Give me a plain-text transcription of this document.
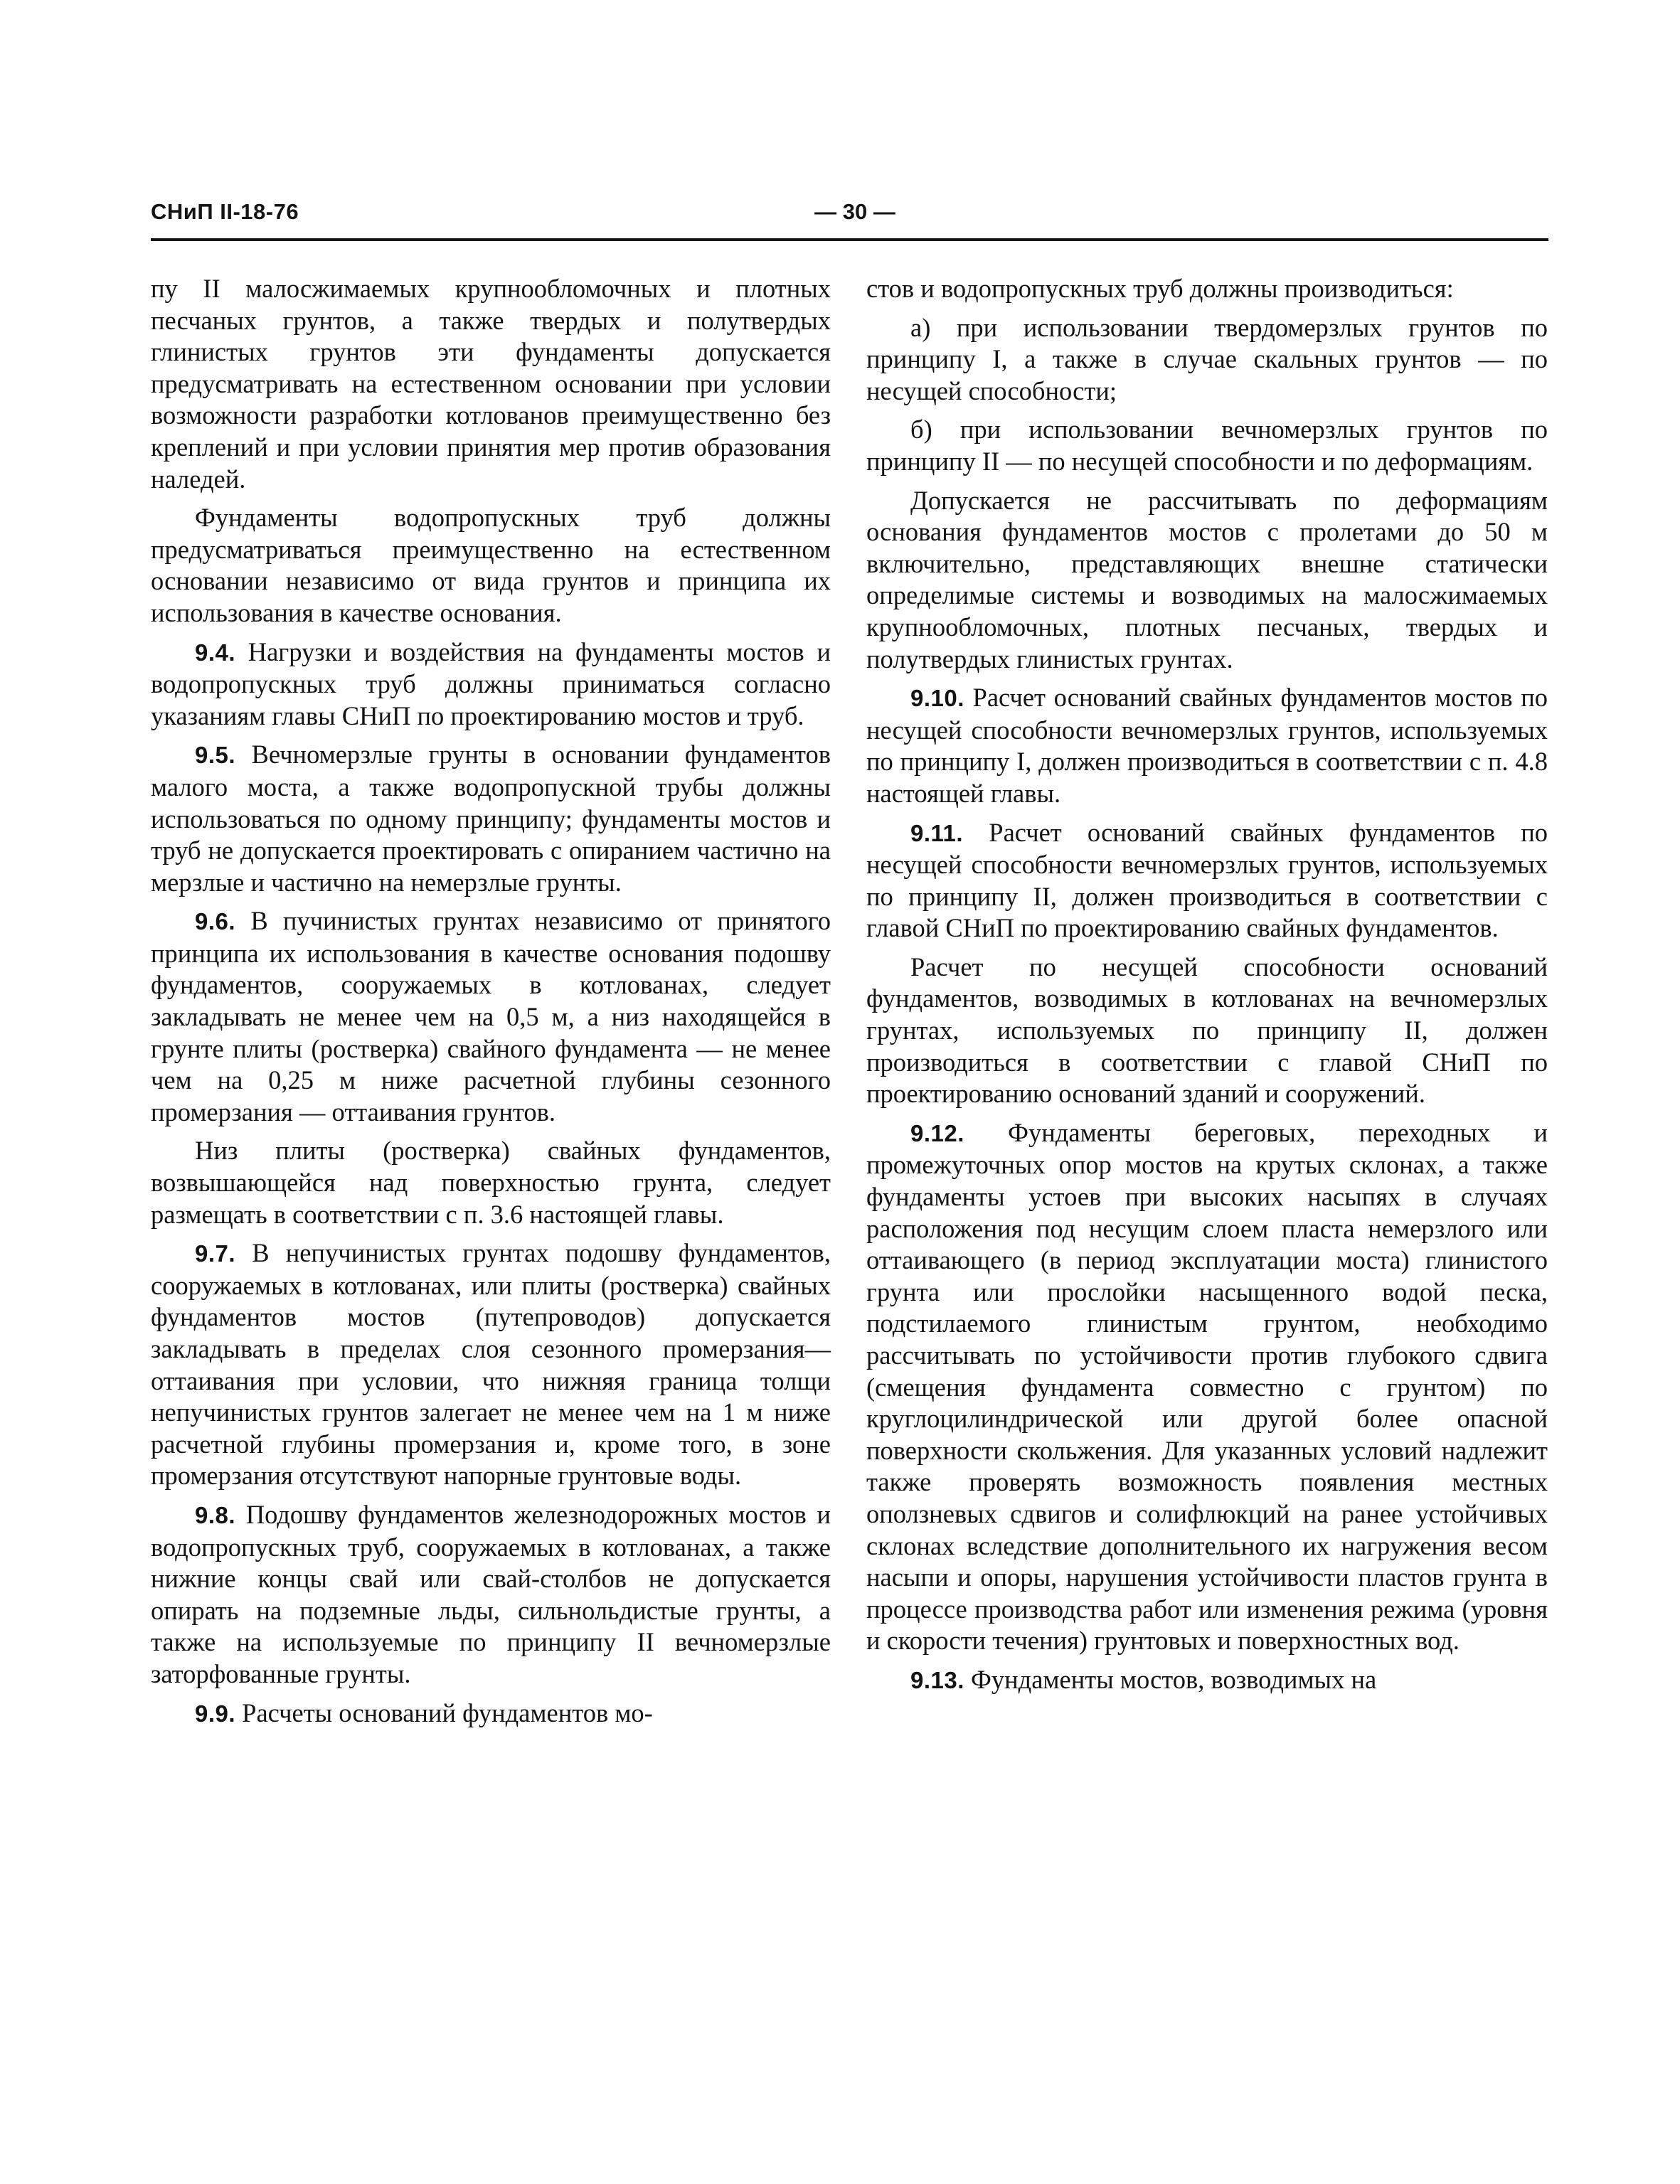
СНиП II-18-76	— 30 —

пу II малосжимаемых крупнообломочных и плотных песчаных грунтов, а также твердых и полутвердых глинистых грунтов эти фундаменты допускается предусматривать на естественном основании при условии возможности разработки котлованов преимущественно без креплений и при условии принятия мер против образования наледей.

Фундаменты водопропускных труб должны предусматриваться преимущественно на естественном основании независимо от вида грунтов и принципа их использования в качестве основания.

9.4. Нагрузки и воздействия на фундаменты мостов и водопропускных труб должны приниматься согласно указаниям главы СНиП по проектированию мостов и труб.

9.5. Вечномерзлые грунты в основании фундаментов малого моста, а также водопропускной трубы должны использоваться по одному принципу; фундаменты мостов и труб не допускается проектировать с опиранием частично на мерзлые и частично на немерзлые грунты.

9.6. В пучинистых грунтах независимо от принятого принципа их использования в качестве основания подошву фундаментов, сооружаемых в котлованах, следует закладывать не менее чем на 0,5 м, а низ находящейся в грунте плиты (ростверка) свайного фундамента — не менее чем на 0,25 м ниже расчетной глубины сезонного промерзания — оттаивания грунтов.

Низ плиты (ростверка) свайных фундаментов, возвышающейся над поверхностью грунта, следует размещать в соответствии с п. 3.6 настоящей главы.

9.7. В непучинистых грунтах подошву фундаментов, сооружаемых в котлованах, или плиты (ростверка) свайных фундаментов мостов (путепроводов) допускается закладывать в пределах слоя сезонного промерзания—оттаивания при условии, что нижняя граница толщи непучинистых грунтов залегает не менее чем на 1 м ниже расчетной глубины промерзания и, кроме того, в зоне промерзания отсутствуют напорные грунтовые воды.

9.8. Подошву фундаментов железнодорожных мостов и водопропускных труб, сооружаемых в котлованах, а также нижние концы свай или свай-столбов не допускается опирать на подземные льды, сильнольдистые грунты, а также на используемые по принципу II вечномерзлые заторфованные грунты.

9.9. Расчеты оснований фундаментов мо-

стов и водопропускных труб должны производиться:

а) при использовании твердомерзлых грунтов по принципу I, а также в случае скальных грунтов — по несущей способности;

б) при использовании вечномерзлых грунтов по принципу II — по несущей способности и по деформациям.

Допускается не рассчитывать по деформациям основания фундаментов мостов с пролетами до 50 м включительно, представляющих внешне статически определимые системы и возводимых на малосжимаемых крупнообломочных, плотных песчаных, твердых и полутвердых глинистых грунтах.

9.10. Расчет оснований свайных фундаментов мостов по несущей способности вечномерзлых грунтов, используемых по принципу I, должен производиться в соответствии с п. 4.8 настоящей главы.

9.11. Расчет оснований свайных фундаментов по несущей способности вечномерзлых грунтов, используемых по принципу II, должен производиться в соответствии с главой СНиП по проектированию свайных фундаментов.

Расчет по несущей способности оснований фундаментов, возводимых в котлованах на вечномерзлых грунтах, используемых по принципу II, должен производиться в соответствии с главой СНиП по проектированию оснований зданий и сооружений.

9.12. Фундаменты береговых, переходных и промежуточных опор мостов на крутых склонах, а также фундаменты устоев при высоких насыпях в случаях расположения под несущим слоем пласта немерзлого или оттаивающего (в период эксплуатации моста) глинистого грунта или прослойки насыщенного водой песка, подстилаемого глинистым грунтом, необходимо рассчитывать по устойчивости против глубокого сдвига (смещения фундамента совместно с грунтом) по круглоцилиндрической или другой более опасной поверхности скольжения. Для указанных условий надлежит также проверять возможность появления местных оползневых сдвигов и солифлюкций на ранее устойчивых склонах вследствие дополнительного их нагружения весом насыпи и опоры, нарушения устойчивости пластов грунта в процессе производства работ или изменения режима (уровня и скорости течения) грунтовых и поверхностных вод.

9.13. Фундаменты мостов, возводимых на
